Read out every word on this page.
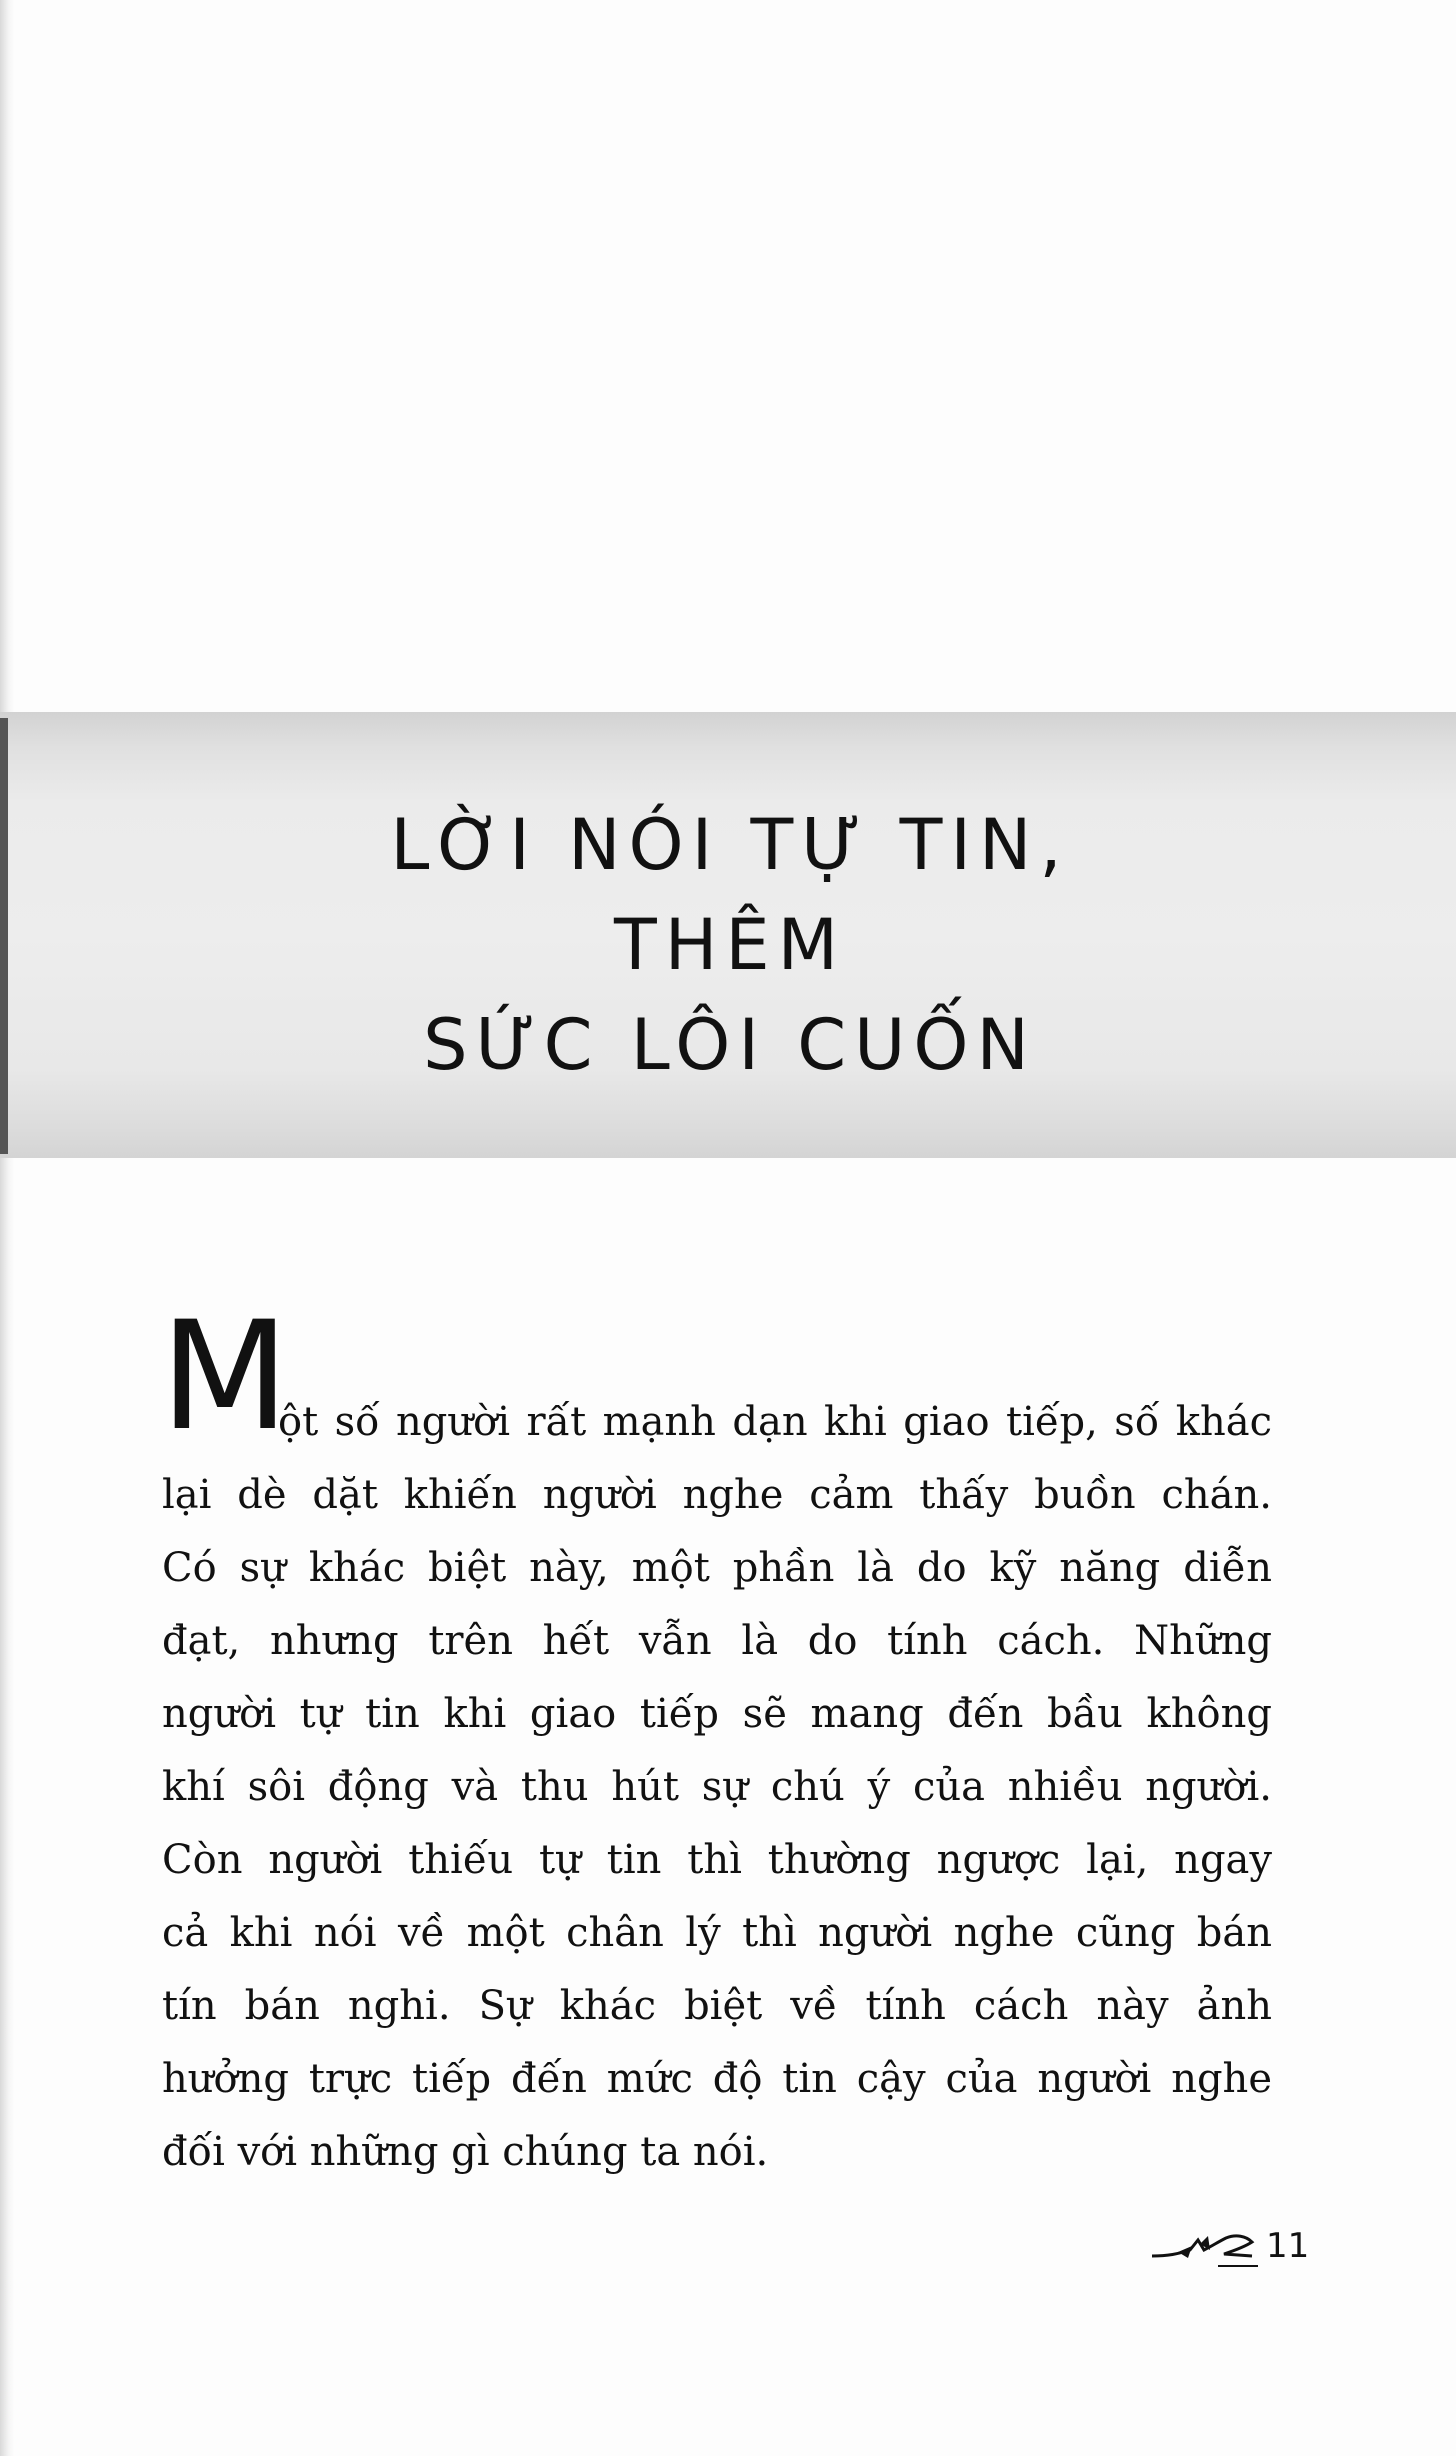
LỜI NÓI TỰ TIN,
THÊM
SỨC LÔI CUỐN
M
ột số người rất mạnh dạn khi giao tiếp, số khác
lại dè dặt khiến người nghe cảm thấy buồn chán.
Có sự khác biệt này, một phần là do kỹ năng diễn
đạt, nhưng trên hết vẫn là do tính cách. Những
người tự tin khi giao tiếp sẽ mang đến bầu không
khí sôi động và thu hút sự chú ý của nhiều người.
Còn người thiếu tự tin thì thường ngược lại, ngay
cả khi nói về một chân lý thì người nghe cũng bán
tín bán nghi. Sự khác biệt về tính cách này ảnh
hưởng trực tiếp đến mức độ tin cậy của người nghe
đối với những gì chúng ta nói.
11
